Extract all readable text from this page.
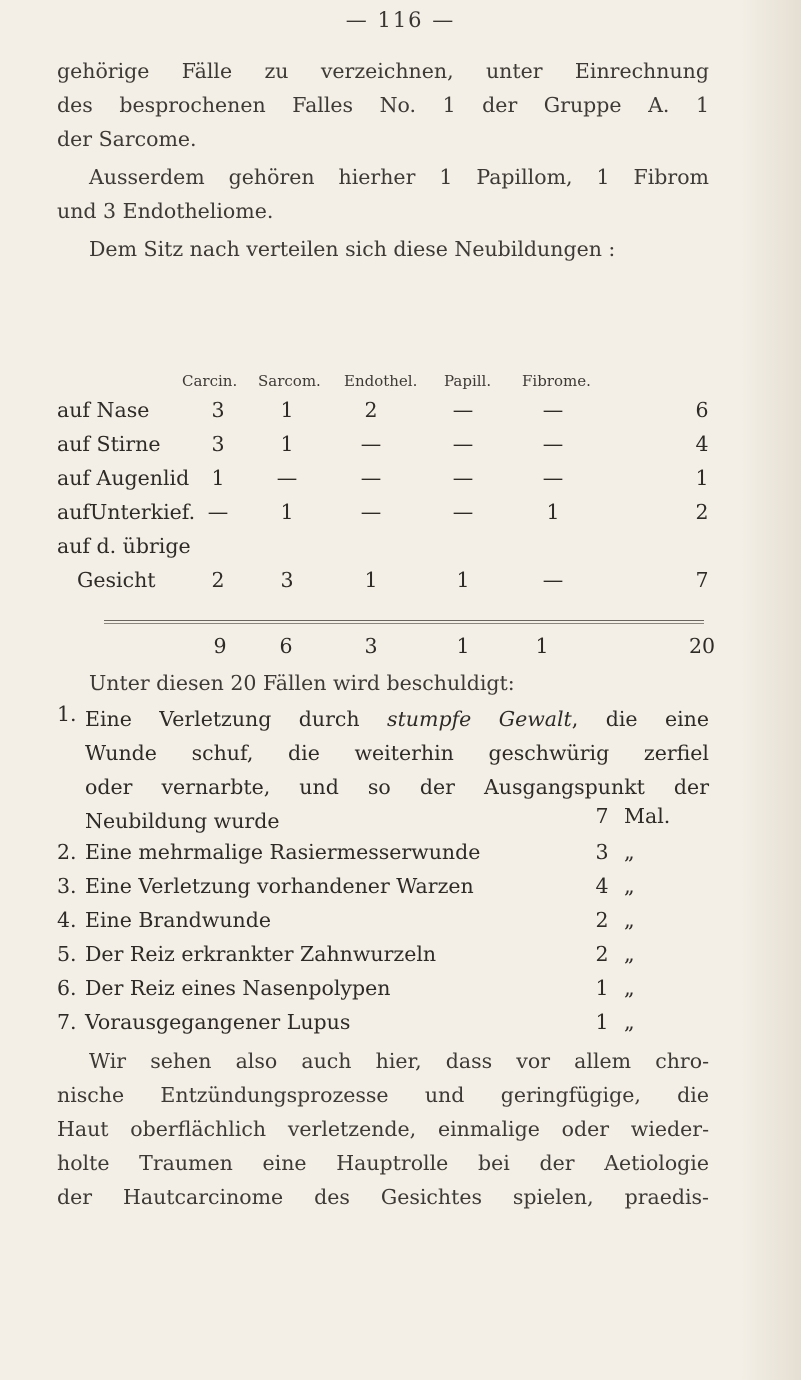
— 116 —
gehörige Fälle zu verzeichnen, unter Einrechnung
des besprochenen Falles No. 1 der Gruppe A. 1
der Sarcome.
Ausserdem gehören hierher 1 Papillom, 1 Fibrom
und 3 Endotheliome.
Dem Sitz nach verteilen sich diese Neubildungen :
Carcin. Sarcom. Endothel. Papill. Fibrome.
auf Nase	3	1	2	—	—	6
auf Stirne	3	1	—	—	—	4
auf Augenlid	1	—	—	—	—	1
aufUnterkief. —	1	—	—	1	2
auf d. übrige
Gesicht	2	3	1	1	—	7
9	6	3	1	1	20
Unter diesen 20 Fällen wird beschuldigt:
1. Eine Verletzung durch stumpfe Gewalt, die eine
Wunde schuf, die weiterhin geschwürig zerfiel
oder vernarbte, und so der Ausgangspunkt der
Neubildung wurde	7 Mal.
2. Eine mehrmalige Rasiermesserwunde	3 „
3. Eine Verletzung vorhandener Warzen	4 „
4. Eine Brandwunde	2 „
5. Der Reiz erkrankter Zahnwurzeln	2 „
6. Der Reiz eines Nasenpolypen	1 „
7. Vorausgegangener Lupus	1 „
Wir sehen also auch hier, dass vor allem chro-
nische Entzündungsprozesse und geringfügige, die
Haut oberflächlich verletzende, einmalige oder wieder-
holte Traumen eine Hauptrolle bei der Aetiologie
der Hautcarcinome des Gesichtes spielen, praedis-
